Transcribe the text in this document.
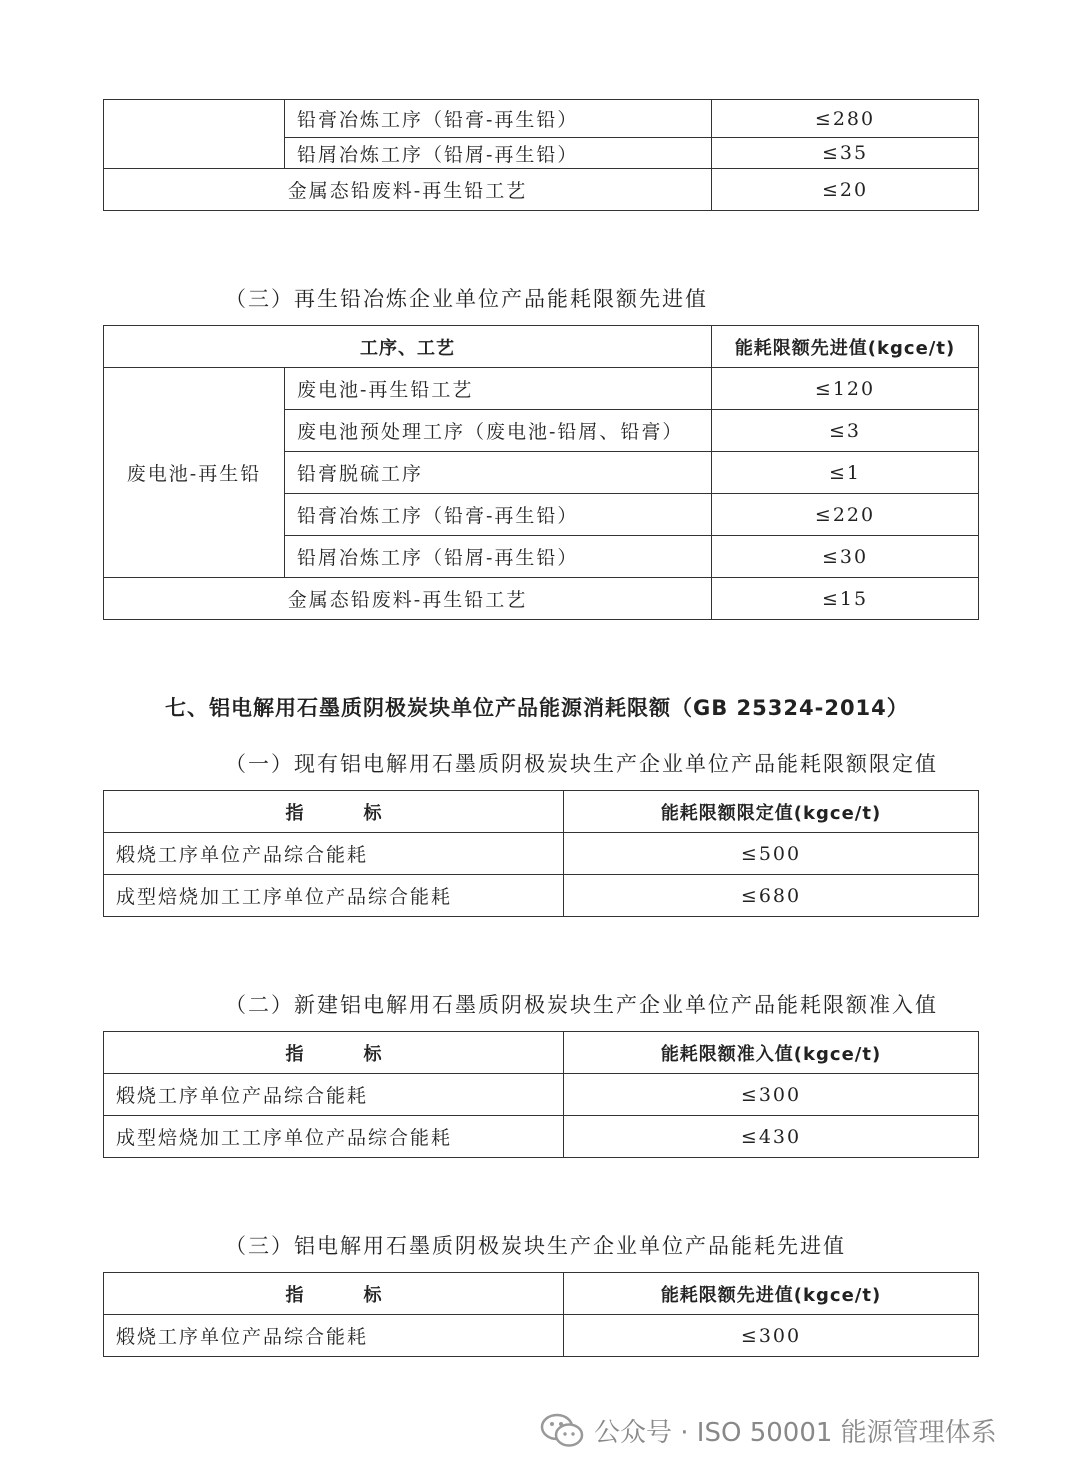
	铅膏冶炼工序（铅膏-再生铅）	≤280
	铅屑冶炼工序（铅屑-再生铅）	≤35
金属态铅废料-再生铅工艺		≤20
（三）再生铅冶炼企业单位产品能耗限额先进值
工序、工艺		能耗限额先进值(kgce/t)
废电池-再生铅	废电池-再生铅工艺	≤120
	废电池预处理工序（废电池-铅屑、铅膏）	≤3
	铅膏脱硫工序	≤1
	铅膏冶炼工序（铅膏-再生铅）	≤220
	铅屑冶炼工序（铅屑-再生铅）	≤30
金属态铅废料-再生铅工艺		≤15
七、铝电解用石墨质阴极炭块单位产品能源消耗限额（GB 25324-2014）
（一）现有铝电解用石墨质阴极炭块生产企业单位产品能耗限额限定值
指 标	能耗限额限定值(kgce/t)
煅烧工序单位产品综合能耗	≤500
成型焙烧加工工序单位产品综合能耗	≤680
（二）新建铝电解用石墨质阴极炭块生产企业单位产品能耗限额准入值
指 标	能耗限额准入值(kgce/t)
煅烧工序单位产品综合能耗	≤300
成型焙烧加工工序单位产品综合能耗	≤430
（三）铝电解用石墨质阴极炭块生产企业单位产品能耗先进值
指 标	能耗限额先进值(kgce/t)
煅烧工序单位产品综合能耗	≤300
公众号 · ISO 50001 能源管理体系
